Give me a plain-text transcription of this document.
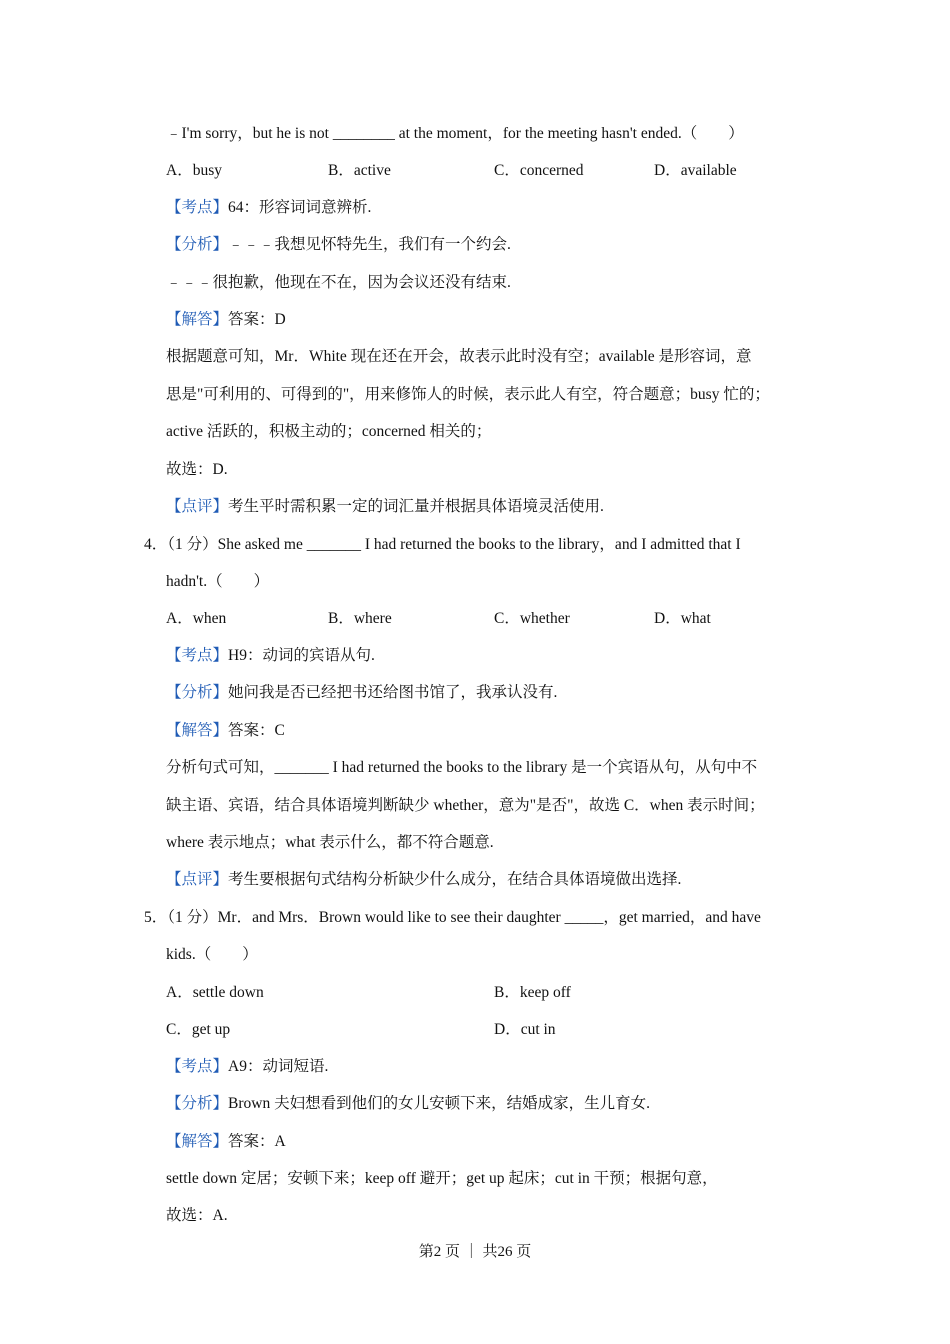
﹣I'm sorry，but he is not ________ at the moment，for the meeting hasn't ended.（　　）
A．busy	B．active	C．concerned	D．available
【考点】64：形容词词意辨析.
【分析】﹣﹣﹣我想见怀特先生，我们有一个约会.
﹣﹣﹣很抱歉，他现在不在，因为会议还没有结束.
【解答】答案：D
根据题意可知，Mr．White 现在还在开会，故表示此时没有空；available 是形容词，意
思是"可利用的、可得到的"，用来修饰人的时候，表示此人有空，符合题意；busy 忙的；
active 活跃的，积极主动的；concerned 相关的；
故选：D.
【点评】考生平时需积累一定的词汇量并根据具体语境灵活使用.
4．（1 分）She asked me _______ I had returned the books to the library，and I admitted that I
hadn't.（　　）
A．when	B．where	C．whether	D．what
【考点】H9：动词的宾语从句.
【分析】她问我是否已经把书还给图书馆了，我承认没有.
【解答】答案：C
分析句式可知，_______ I had returned the books to the library 是一个宾语从句，从句中不
缺主语、宾语，结合具体语境判断缺少 whether，意为"是否"，故选 C．when 表示时间；
where 表示地点；what 表示什么，都不符合题意.
【点评】考生要根据句式结构分析缺少什么成分，在结合具体语境做出选择.
5．（1 分）Mr．and Mrs．Brown would like to see their daughter _____，get married，and have
kids.（　　）
A．settle down	B．keep off
C．get up	D．cut in
【考点】A9：动词短语.
【分析】Brown 夫妇想看到他们的女儿安顿下来，结婚成家，生儿育女.
【解答】答案：A
settle down 定居；安顿下来；keep off 避开；get up 起床；cut in 干预；根据句意，
故选：A.
第2 页 ｜ 共26 页
